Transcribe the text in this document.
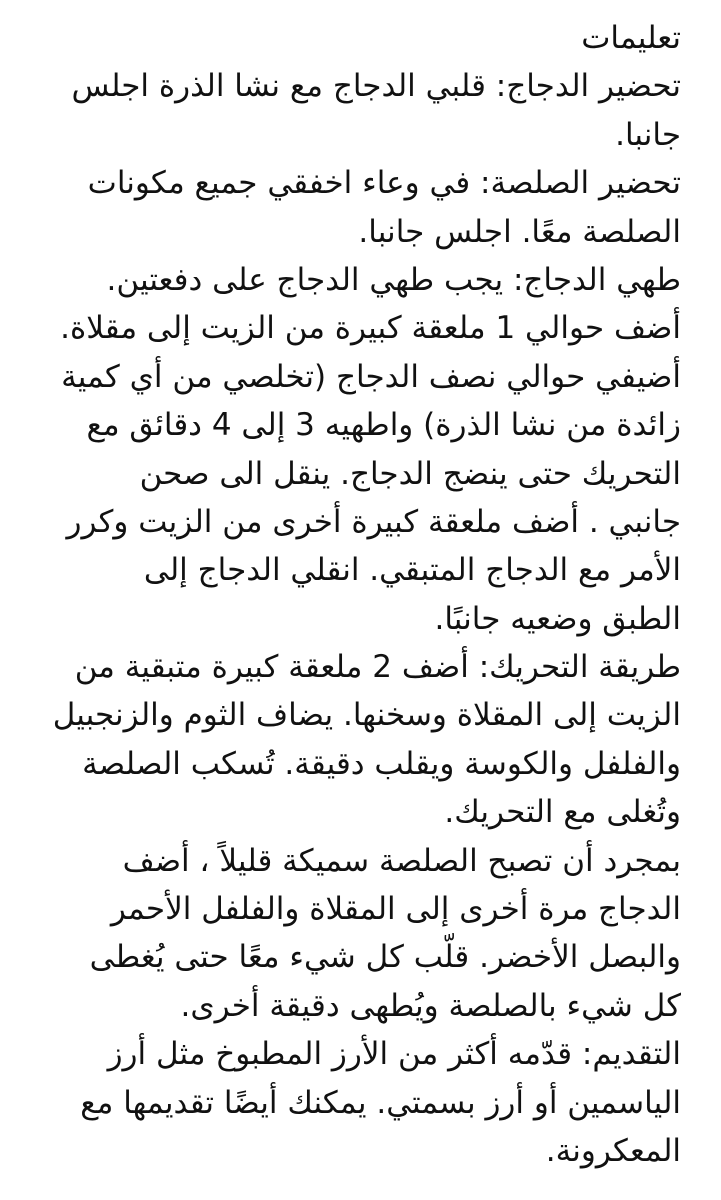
تعليمات
تحضير الدجاج: قلبي الدجاج مع نشا الذرة اجلس
جانبا.
تحضير الصلصة: في وعاء اخفقي جميع مكونات
الصلصة معًا. اجلس جانبا.
طهي الدجاج: يجب طهي الدجاج على دفعتين.
أضف حوالي 1 ملعقة كبيرة من الزيت إلى مقلاة.
أضيفي حوالي نصف الدجاج (تخلصي من أي كمية
زائدة من نشا الذرة) واطهيه 3 إلى 4 دقائق مع
التحريك حتى ينضج الدجاج. ينقل الى صحن
جانبي . أضف ملعقة كبيرة أخرى من الزيت وكرر
الأمر مع الدجاج المتبقي. انقلي الدجاج إلى
الطبق وضعيه جانبًا.
طريقة التحريك: أضف 2 ملعقة كبيرة متبقية من
الزيت إلى المقلاة وسخنها. يضاف الثوم والزنجبيل
والفلفل والكوسة ويقلب دقيقة. تُسكب الصلصة
وتُغلى مع التحريك.
بمجرد أن تصبح الصلصة سميكة قليلاً ، أضف
الدجاج مرة أخرى إلى المقلاة والفلفل الأحمر
والبصل الأخضر. قلّب كل شيء معًا حتى يُغطى
كل شيء بالصلصة ويُطهى دقيقة أخرى.
التقديم: قدّمه أكثر من الأرز المطبوخ مثل أرز
الياسمين أو أرز بسمتي. يمكنك أيضًا تقديمها مع
المعكرونة.
